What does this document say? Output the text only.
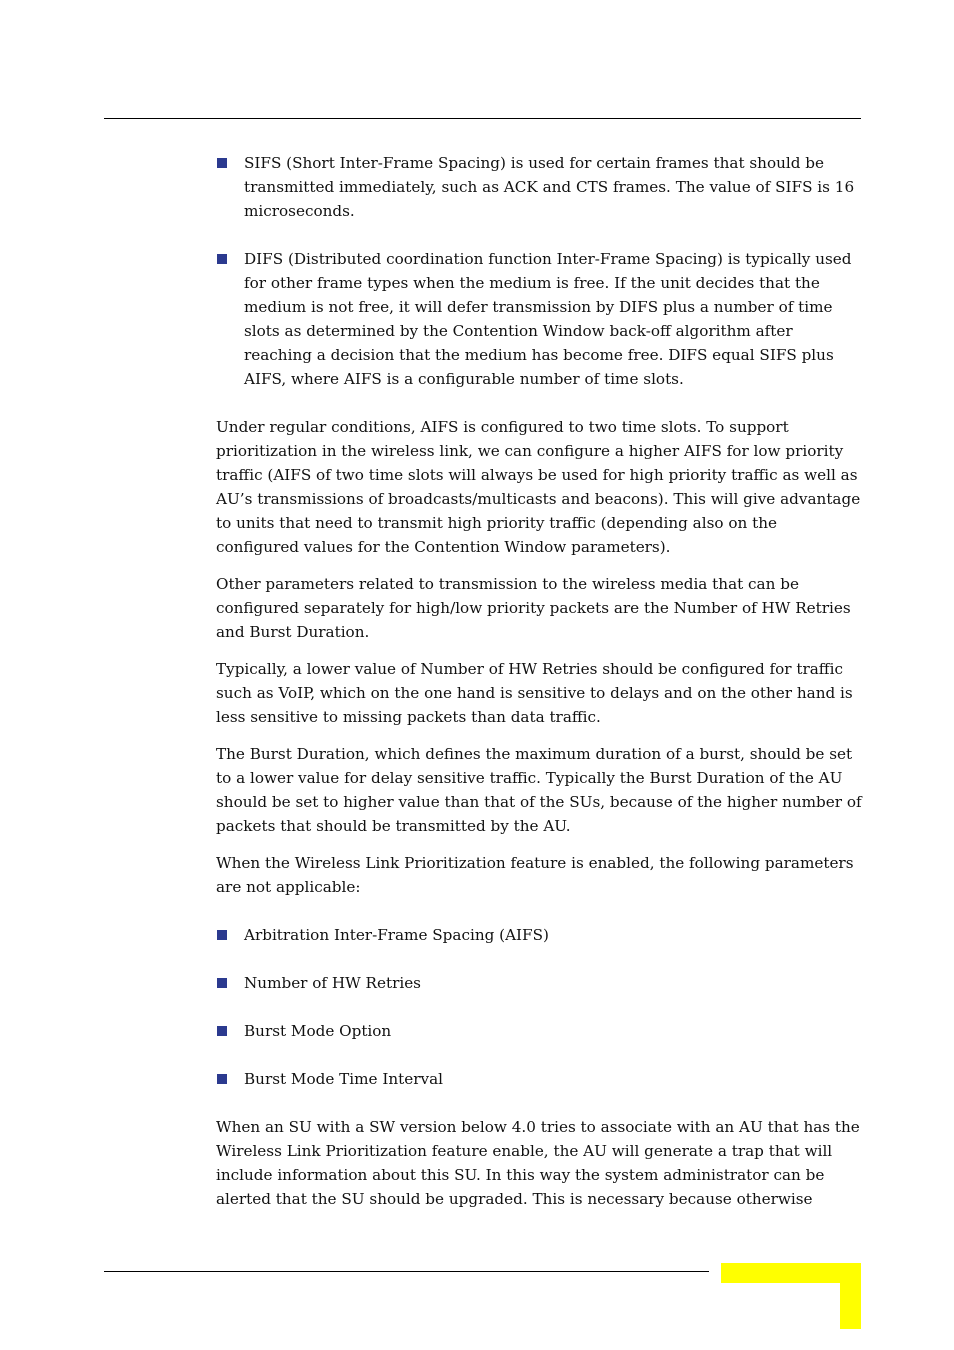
SIFS (Short Inter-Frame Spacing) is used for certain frames that should be transmitted immediately, such as ACK and CTS frames. The value of SIFS is 16 microseconds.
DIFS (Distributed coordination function Inter-Frame Spacing) is typically used for other frame types when the medium is free. If the unit decides that the medium is not free, it will defer transmission by DIFS plus a number of time slots as determined by the Contention Window back-off algorithm after reaching a decision that the medium has become free. DIFS equal SIFS plus AIFS, where AIFS is a configurable number of time slots.

Under regular conditions, AIFS is configured to two time slots. To support prioritization in the wireless link, we can configure a higher AIFS for low priority traffic (AIFS of two time slots will always be used for high priority traffic as well as AU’s transmissions of broadcasts/multicasts and beacons). This will give advantage to units that need to transmit high priority traffic (depending also on the configured values for the Contention Window parameters).

Other parameters related to transmission to the wireless media that can be configured separately for high/low priority packets are the Number of HW Retries and Burst Duration.

Typically, a lower value of Number of HW Retries should be configured for traffic such as VoIP, which on the one hand is sensitive to delays and on the other hand is less sensitive to missing packets than data traffic.

The Burst Duration, which defines the maximum duration of a burst, should be set to a lower value for delay sensitive traffic. Typically the Burst Duration of the AU should be set to higher value than that of the SUs, because of the higher number of packets that should be transmitted by the AU.

When the Wireless Link Prioritization feature is enabled, the following parameters are not applicable:

Arbitration Inter-Frame Spacing (AIFS)
Number of HW Retries
Burst Mode Option
Burst Mode Time Interval

When an SU with a SW version below 4.0 tries to associate with an AU that has the Wireless Link Prioritization feature enable, the AU will generate a trap that will include information about this SU. In this way the system administrator can be alerted that the SU should be upgraded. This is necessary because otherwise
